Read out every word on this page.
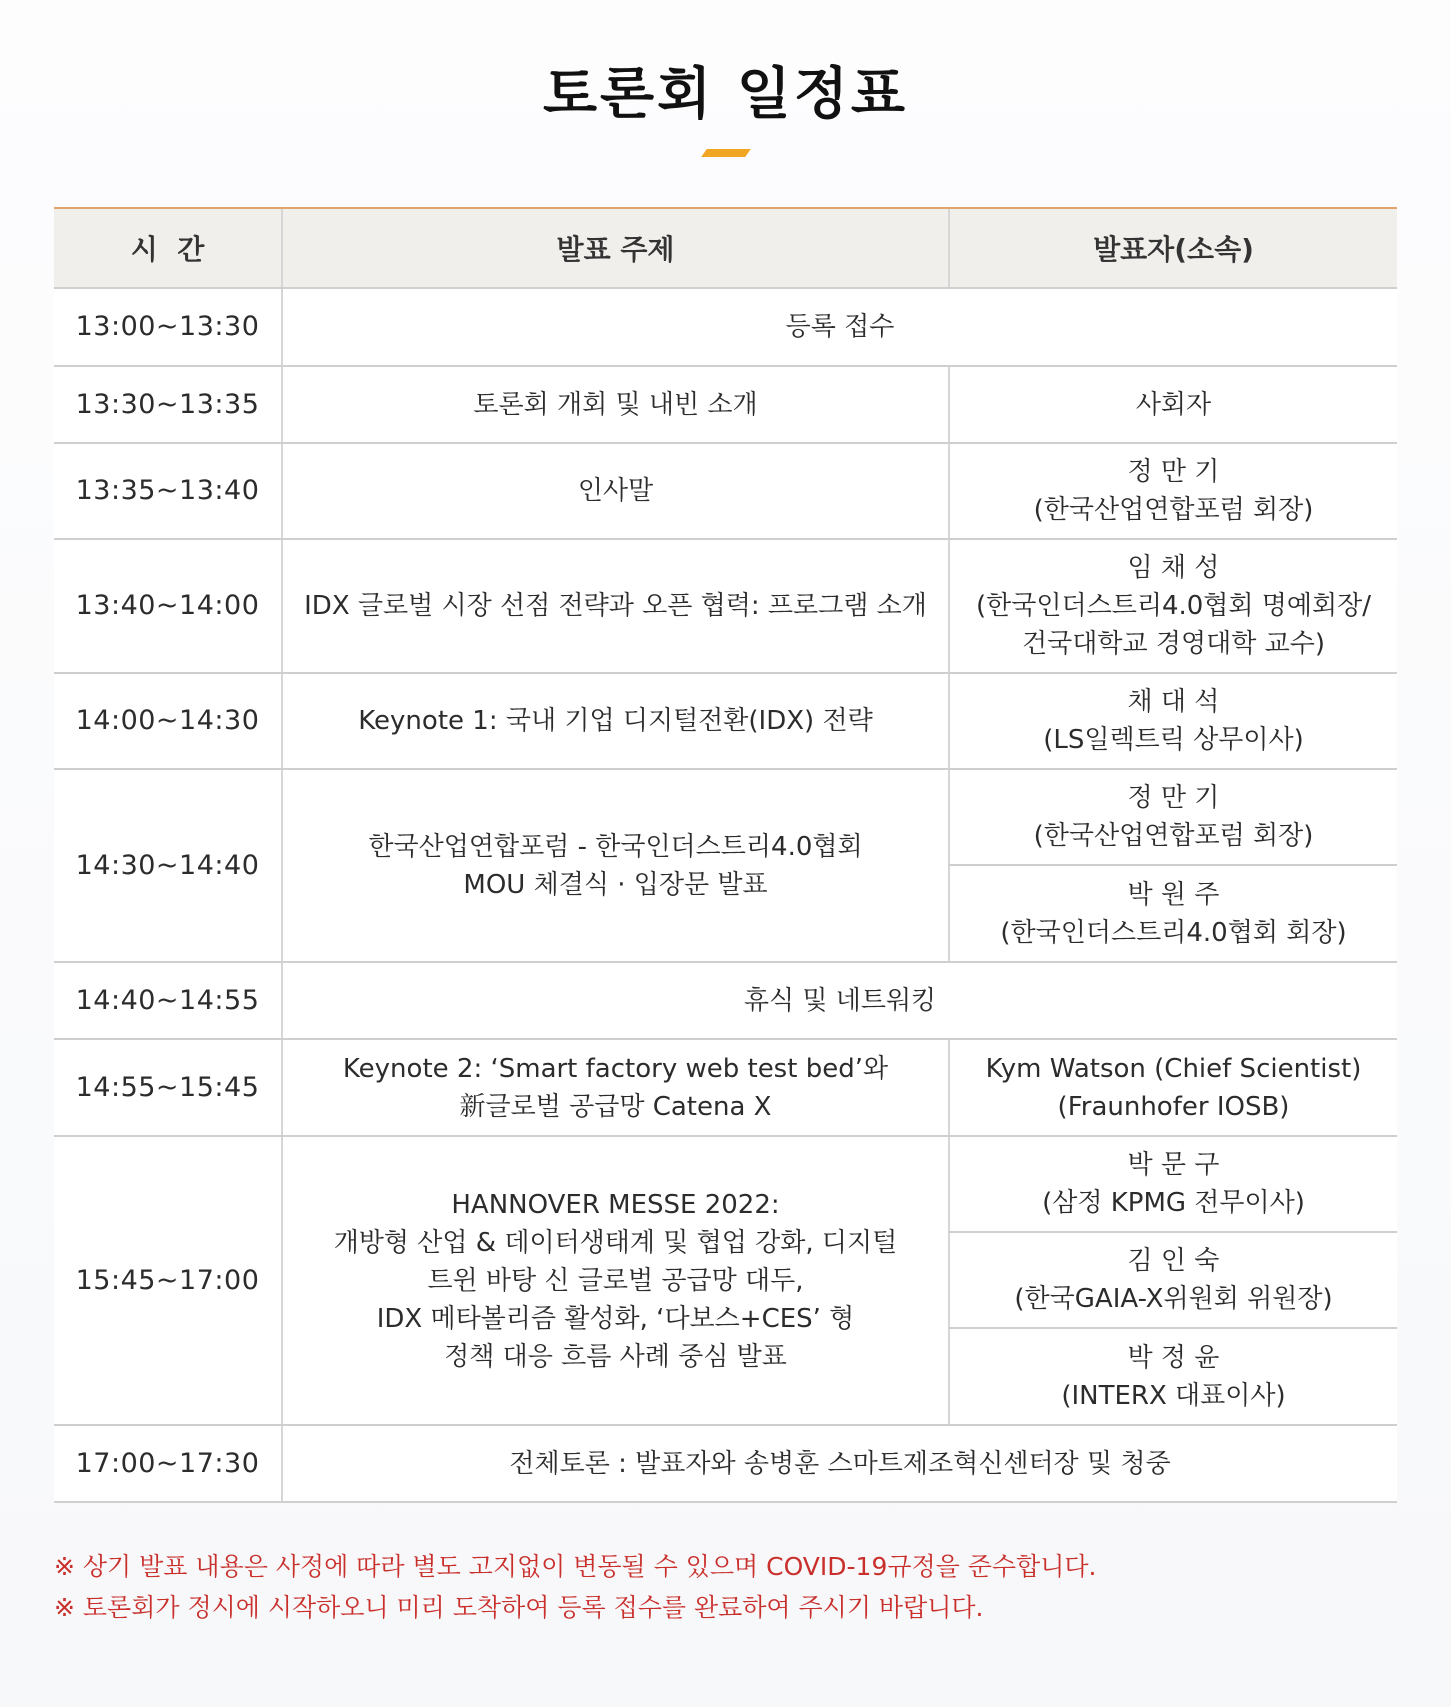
토론회 일정표
시  간	발표 주제	발표자(소속)
13:00~13:30	등록 접수	

13:30~13:35	토론회 개회 및 내빈 소개	사회자

13:35~13:40	인사말	정 만 기
(한국산업연합포럼 회장)

13:40~14:00	IDX 글로벌 시장 선점 전략과 오픈 협력: 프로그램 소개	임 채 성
(한국인더스트리4.0협회 명예회장/
건국대학교 경영대학 교수)

14:00~14:30	Keynote 1: 국내 기업 디지털전환(IDX) 전략	채 대 석
(LS일렉트릭 상무이사)

14:30~14:40	한국산업연합포럼 - 한국인더스트리4.0협회
MOU 체결식 · 입장문 발표	정 만 기
(한국산업연합포럼 회장)

		박 원 주
(한국인더스트리4.0협회 회장)

14:40~14:55	휴식 및 네트워킹	

14:55~15:45	Keynote 2: ‘Smart factory web test bed’와
新글로벌 공급망 Catena X	Kym Watson (Chief Scientist)
(Fraunhofer IOSB)

15:45~17:00	HANNOVER MESSE 2022:
개방형 산업 & 데이터생태계 및 협업 강화, 디지털
트윈 바탕 신 글로벌 공급망 대두,
IDX 메타볼리즘 활성화, ‘다보스+CES’ 형
정책 대응 흐름 사례 중심 발표	박 문 구
(삼정 KPMG 전무이사)

		김 인 숙
(한국GAIA-X위원회 위원장)

		박 정 윤
(INTERX 대표이사)

17:00~17:30	전체토론 : 발표자와 송병훈 스마트제조혁신센터장 및 청중	
※ 상기 발표 내용은 사정에 따라 별도 고지없이 변동될 수 있으며 COVID-19규정을 준수합니다.
※ 토론회가 정시에 시작하오니 미리 도착하여 등록 접수를 완료하여 주시기 바랍니다.
